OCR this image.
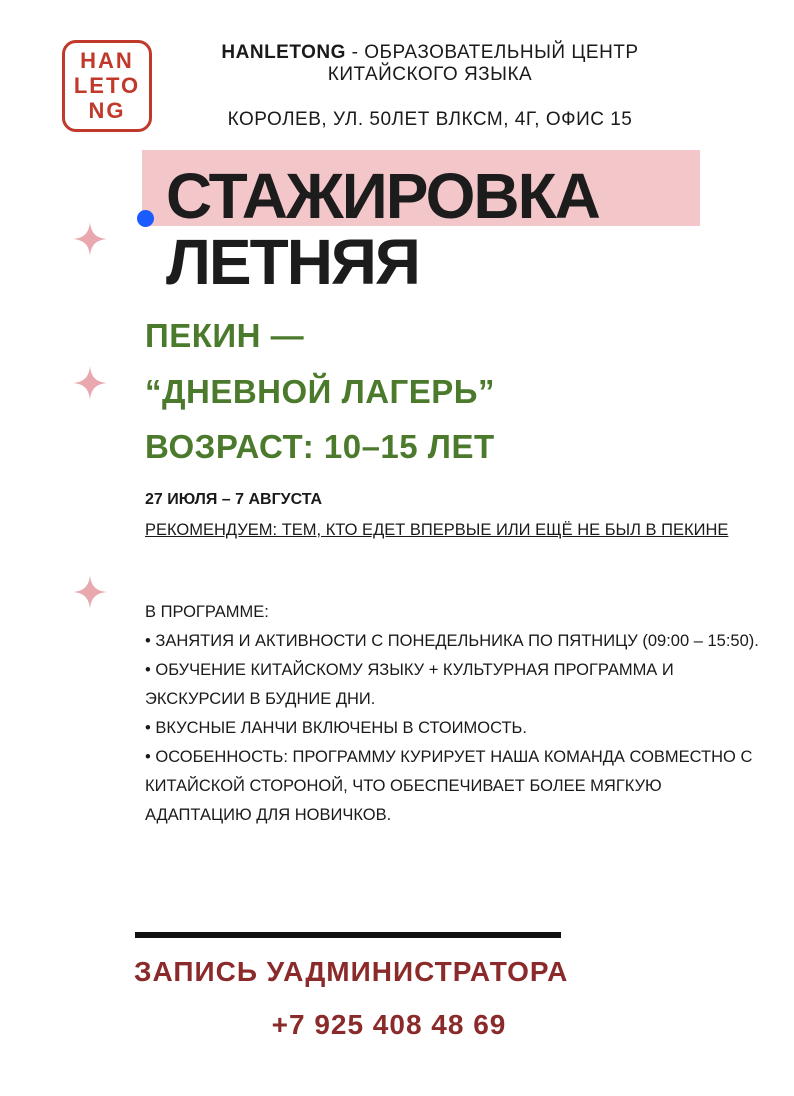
HAN
LETO
NG
HANLETONG - ОБРАЗОВАТЕЛЬНЫЙ ЦЕНТР
КИТАЙСКОГО ЯЗЫКА
КОРОЛЕВ, УЛ. 50ЛЕТ ВЛКСМ, 4Г, ОФИС 15
СТАЖИРОВКА
ЛЕТНЯЯ
ПЕКИН —
“ДНЕВНОЙ ЛАГЕРЬ”
ВОЗРАСТ: 10–15 ЛЕТ
27 ИЮЛЯ – 7 АВГУСТА
РЕКОМЕНДУЕМ: ТЕМ, КТО ЕДЕТ ВПЕРВЫЕ ИЛИ ЕЩЁ НЕ БЫЛ В ПЕКИНЕ

В ПРОГРАММЕ:

• ЗАНЯТИЯ И АКТИВНОСТИ С ПОНЕДЕЛЬНИКА ПО ПЯТНИЦУ (09:00 – 15:50).

• ОБУЧЕНИЕ КИТАЙСКОМУ ЯЗЫКУ + КУЛЬТУРНАЯ ПРОГРАММА И ЭКСКУРСИИ В БУДНИЕ ДНИ.

• ВКУСНЫЕ ЛАНЧИ ВКЛЮЧЕНЫ В СТОИМОСТЬ.

• ОСОБЕННОСТЬ: ПРОГРАММУ КУРИРУЕТ НАША КОМАНДА СОВМЕСТНО С КИТАЙСКОЙ СТОРОНОЙ, ЧТО ОБЕСПЕЧИВАЕТ БОЛЕЕ МЯГКУЮ АДАПТАЦИЮ ДЛЯ НОВИЧКОВ.

ЗАПИСЬ УАДМИНИСТРАТОРА
+7 925 408 48 69
